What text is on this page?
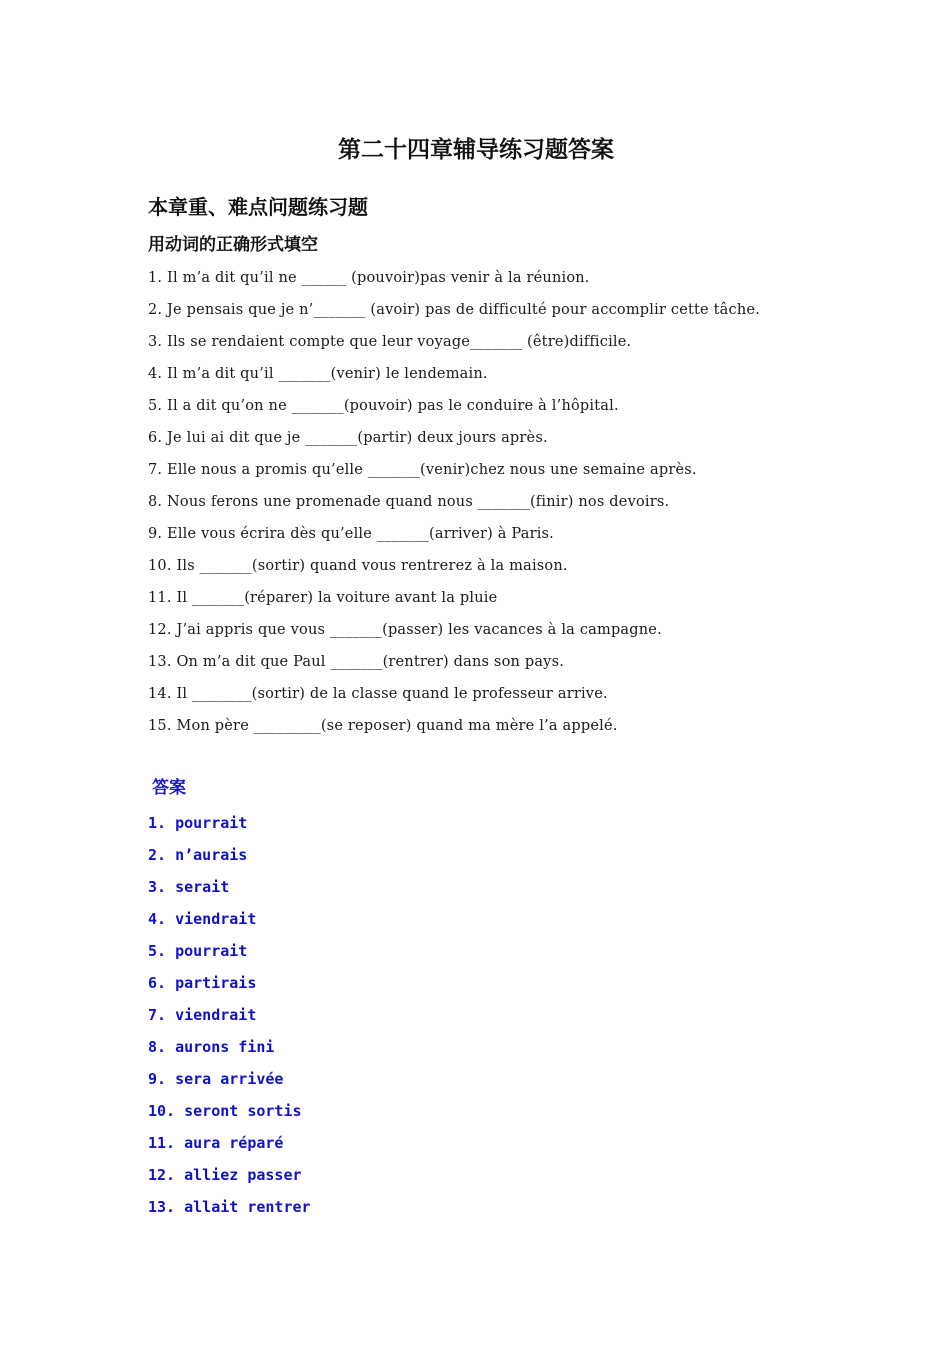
第二十四章辅导练习题答案
本章重、难点问题练习题
用动词的正确形式填空
1. Il m’a dit qu’il ne ______ (pouvoir)pas venir à la réunion.
2. Je pensais que je n’_______ (avoir) pas de difficulté pour accomplir cette tâche.
3. Ils se rendaient compte que leur voyage_______ (être)difficile.
4. Il m’a dit qu’il _______(venir) le lendemain.
5. Il a dit qu’on ne _______(pouvoir) pas le conduire à l’hôpital.
6. Je lui ai dit que je _______(partir) deux jours après.
7. Elle nous a promis qu’elle _______(venir)chez nous une semaine après.
8. Nous ferons une promenade quand nous _______(finir) nos devoirs.
9. Elle vous écrira dès qu’elle _______(arriver) à Paris.
10. Ils _______(sortir) quand vous rentrerez à la maison.
11. Il _______(réparer) la voiture avant la pluie
12. J’ai appris que vous _______(passer) les vacances à la campagne.
13. On m’a dit que Paul _______(rentrer) dans son pays.
14. Il ________(sortir) de la classe quand le professeur arrive.
15. Mon père _________(se reposer) quand ma mère l’a appelé.
答案
1. pourrait
2. n’aurais
3. serait
4. viendrait
5. pourrait
6. partirais
7. viendrait
8. aurons fini
9. sera arrivée
10. seront sortis
11. aura réparé
12. alliez passer
13. allait rentrer
